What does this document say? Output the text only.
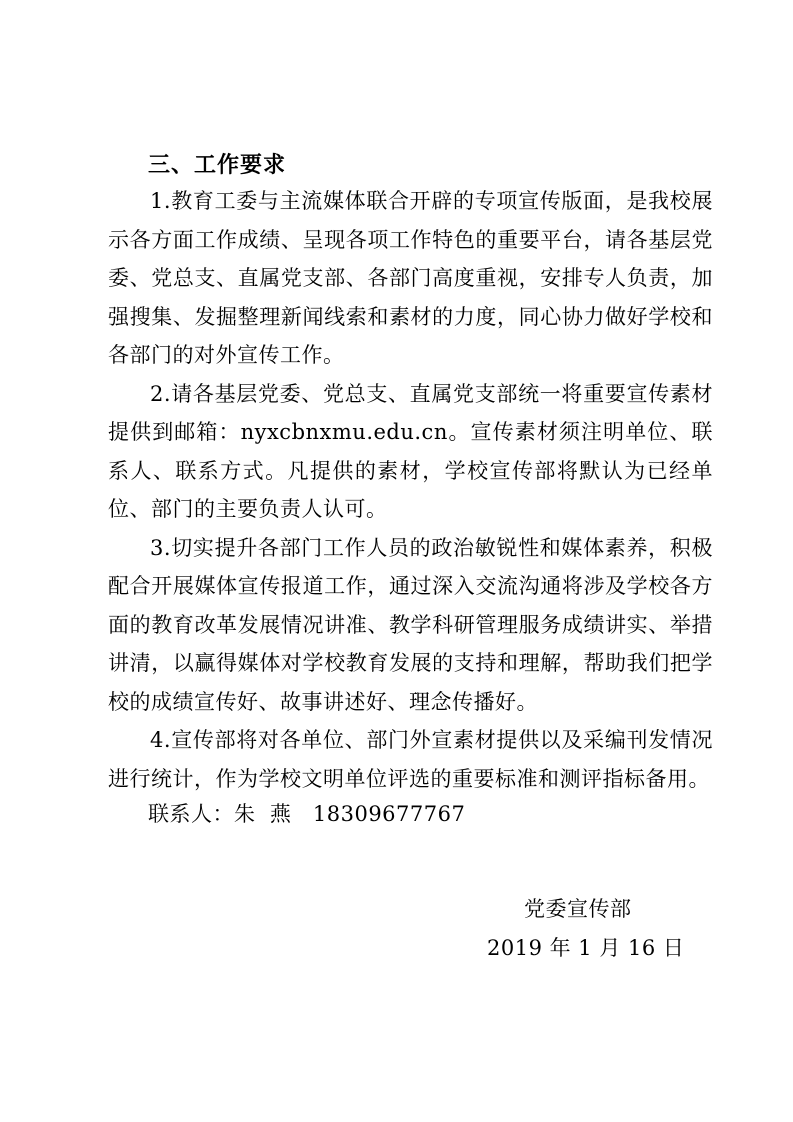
三、工作要求

1.教育工委与主流媒体联合开辟的专项宣传版面，是我校展示各方面工作成绩、呈现各项工作特色的重要平台，请各基层党委、党总支、直属党支部、各部门高度重视，安排专人负责，加强搜集、发掘整理新闻线索和素材的力度，同心协力做好学校和各部门的对外宣传工作。

2.请各基层党委、党总支、直属党支部统一将重要宣传素材提供到邮箱：nyxcbnxmu.edu.cn。宣传素材须注明单位、联系人、联系方式。凡提供的素材，学校宣传部将默认为已经单位、部门的主要负责人认可。

3.切实提升各部门工作人员的政治敏锐性和媒体素养，积极配合开展媒体宣传报道工作，通过深入交流沟通将涉及学校各方面的教育改革发展情况讲准、教学科研管理服务成绩讲实、举措讲清，以赢得媒体对学校教育发展的支持和理解，帮助我们把学校的成绩宣传好、故事讲述好、理念传播好。

4.宣传部将对各单位、部门外宣素材提供以及采编刊发情况进行统计，作为学校文明单位评选的重要标准和测评指标备用。

联系人：朱  燕   18309677767
党委宣传部
2019 年 1 月 16 日
